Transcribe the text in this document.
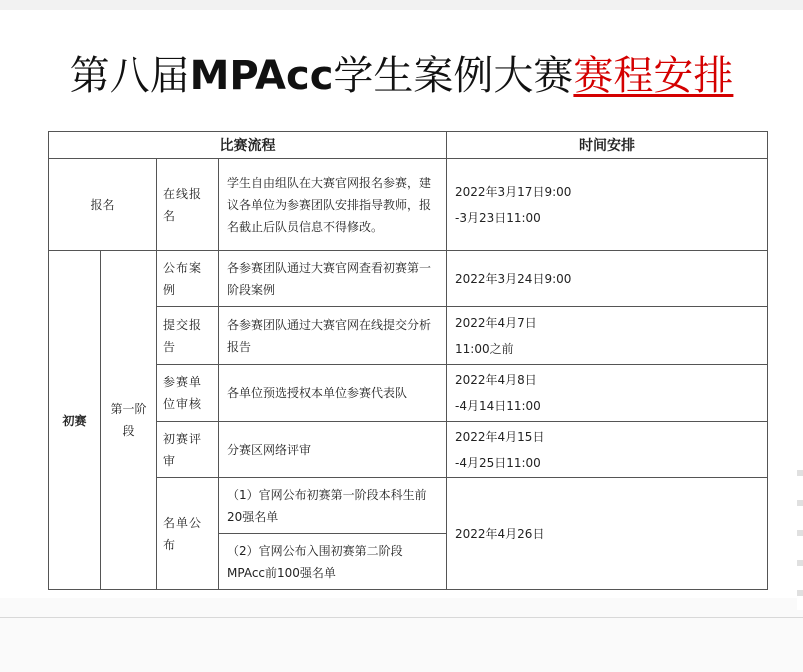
第八届MPAcc学生案例大赛赛程安排
比赛流程				时间安排
报名		在线报名	学生自由组队在大赛官网报名参赛，建议各单位为参赛团队安排指导教师，报名截止后队员信息不得修改。	2022年3月17日9:00
-3月23日11:00

初赛	第一阶段	公布案例	各参赛团队通过大赛官网查看初赛第一阶段案例	2022年3月24日9:00

		提交报告	各参赛团队通过大赛官网在线提交分析报告	2022年4月7日
11:00之前

		参赛单位审核	各单位预选授权本单位参赛代表队	2022年4月8日
-4月14日11:00

		初赛评审	分赛区网络评审	2022年4月15日
-4月25日11:00

		名单公布	（1）官网公布初赛第一阶段本科生前20强名单	2022年4月26日
			（2）官网公布入围初赛第二阶段MPAcc前100强名单	
